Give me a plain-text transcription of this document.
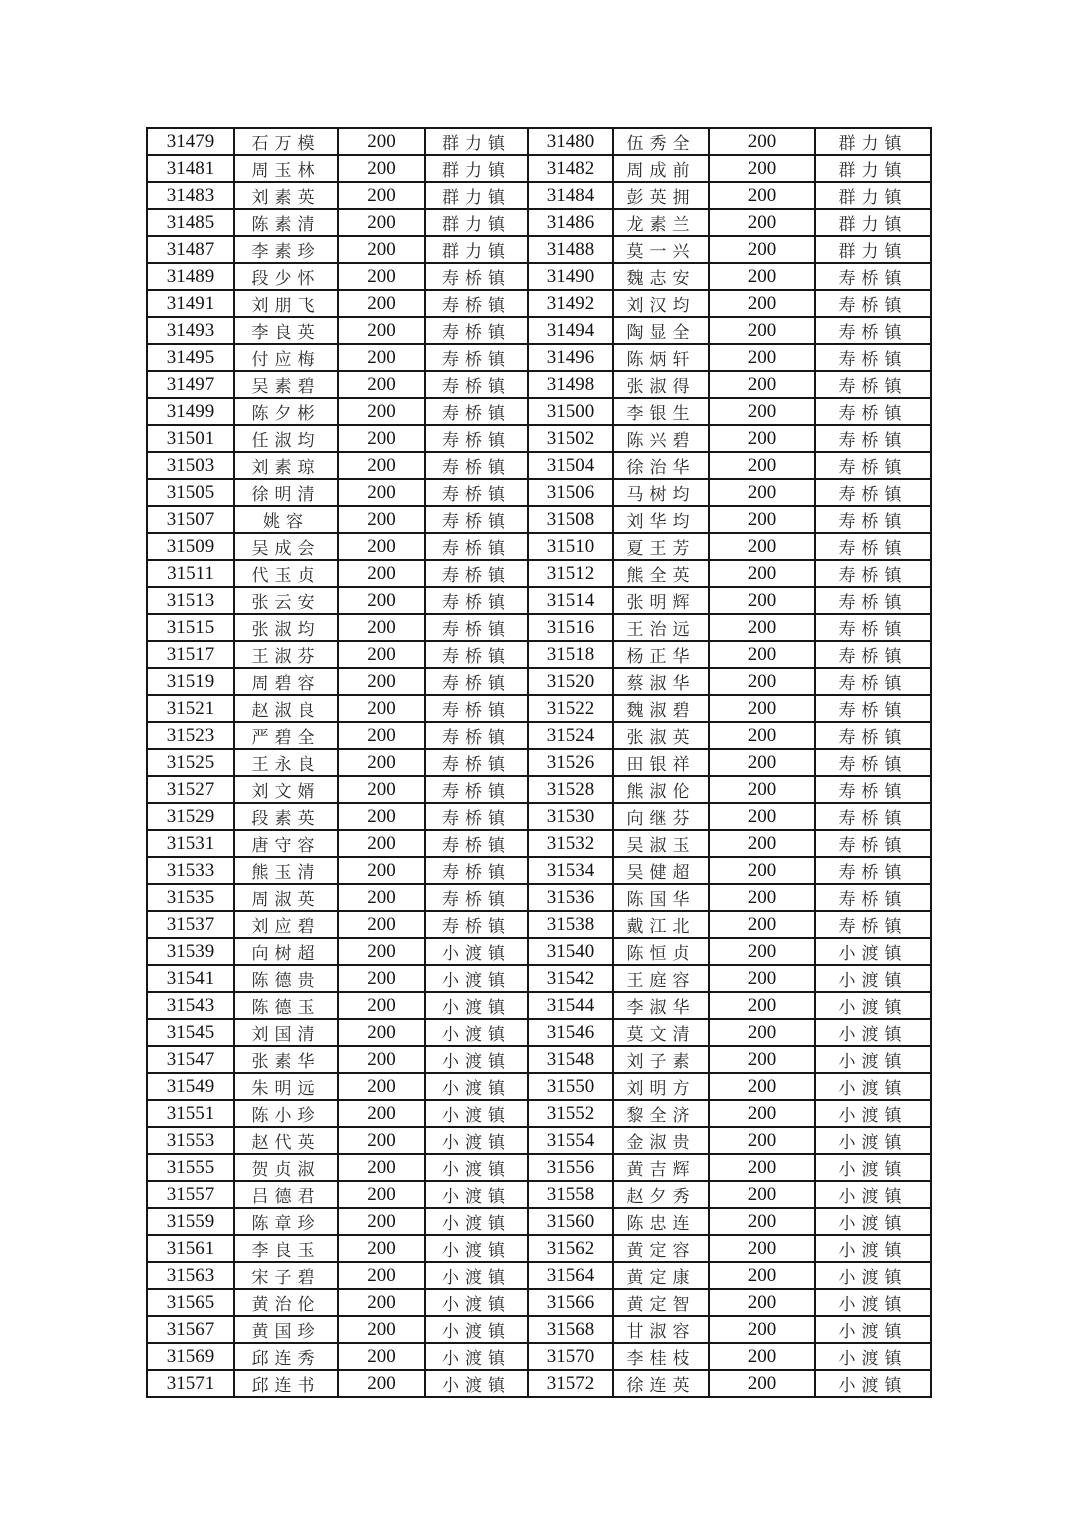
31479	石万模	200	群力镇	31480	伍秀全	200	群力镇
31481	周玉林	200	群力镇	31482	周成前	200	群力镇
31483	刘素英	200	群力镇	31484	彭英拥	200	群力镇
31485	陈素清	200	群力镇	31486	龙素兰	200	群力镇
31487	李素珍	200	群力镇	31488	莫一兴	200	群力镇
31489	段少怀	200	寿桥镇	31490	魏志安	200	寿桥镇
31491	刘朋飞	200	寿桥镇	31492	刘汉均	200	寿桥镇
31493	李良英	200	寿桥镇	31494	陶显全	200	寿桥镇
31495	付应梅	200	寿桥镇	31496	陈炳轩	200	寿桥镇
31497	吴素碧	200	寿桥镇	31498	张淑得	200	寿桥镇
31499	陈夕彬	200	寿桥镇	31500	李银生	200	寿桥镇
31501	任淑均	200	寿桥镇	31502	陈兴碧	200	寿桥镇
31503	刘素琼	200	寿桥镇	31504	徐治华	200	寿桥镇
31505	徐明清	200	寿桥镇	31506	马树均	200	寿桥镇
31507	姚容	200	寿桥镇	31508	刘华均	200	寿桥镇
31509	吴成会	200	寿桥镇	31510	夏王芳	200	寿桥镇
31511	代玉贞	200	寿桥镇	31512	熊全英	200	寿桥镇
31513	张云安	200	寿桥镇	31514	张明辉	200	寿桥镇
31515	张淑均	200	寿桥镇	31516	王治远	200	寿桥镇
31517	王淑芬	200	寿桥镇	31518	杨正华	200	寿桥镇
31519	周碧容	200	寿桥镇	31520	蔡淑华	200	寿桥镇
31521	赵淑良	200	寿桥镇	31522	魏淑碧	200	寿桥镇
31523	严碧全	200	寿桥镇	31524	张淑英	200	寿桥镇
31525	王永良	200	寿桥镇	31526	田银祥	200	寿桥镇
31527	刘文婿	200	寿桥镇	31528	熊淑伦	200	寿桥镇
31529	段素英	200	寿桥镇	31530	向继芬	200	寿桥镇
31531	唐守容	200	寿桥镇	31532	吴淑玉	200	寿桥镇
31533	熊玉清	200	寿桥镇	31534	吴健超	200	寿桥镇
31535	周淑英	200	寿桥镇	31536	陈国华	200	寿桥镇
31537	刘应碧	200	寿桥镇	31538	戴江北	200	寿桥镇
31539	向树超	200	小渡镇	31540	陈恒贞	200	小渡镇
31541	陈德贵	200	小渡镇	31542	王庭容	200	小渡镇
31543	陈德玉	200	小渡镇	31544	李淑华	200	小渡镇
31545	刘国清	200	小渡镇	31546	莫文清	200	小渡镇
31547	张素华	200	小渡镇	31548	刘子素	200	小渡镇
31549	朱明远	200	小渡镇	31550	刘明方	200	小渡镇
31551	陈小珍	200	小渡镇	31552	黎全济	200	小渡镇
31553	赵代英	200	小渡镇	31554	金淑贵	200	小渡镇
31555	贺贞淑	200	小渡镇	31556	黄吉辉	200	小渡镇
31557	吕德君	200	小渡镇	31558	赵夕秀	200	小渡镇
31559	陈章珍	200	小渡镇	31560	陈忠连	200	小渡镇
31561	李良玉	200	小渡镇	31562	黄定容	200	小渡镇
31563	宋子碧	200	小渡镇	31564	黄定康	200	小渡镇
31565	黄治伦	200	小渡镇	31566	黄定智	200	小渡镇
31567	黄国珍	200	小渡镇	31568	甘淑容	200	小渡镇
31569	邱连秀	200	小渡镇	31570	李桂枝	200	小渡镇
31571	邱连书	200	小渡镇	31572	徐连英	200	小渡镇
